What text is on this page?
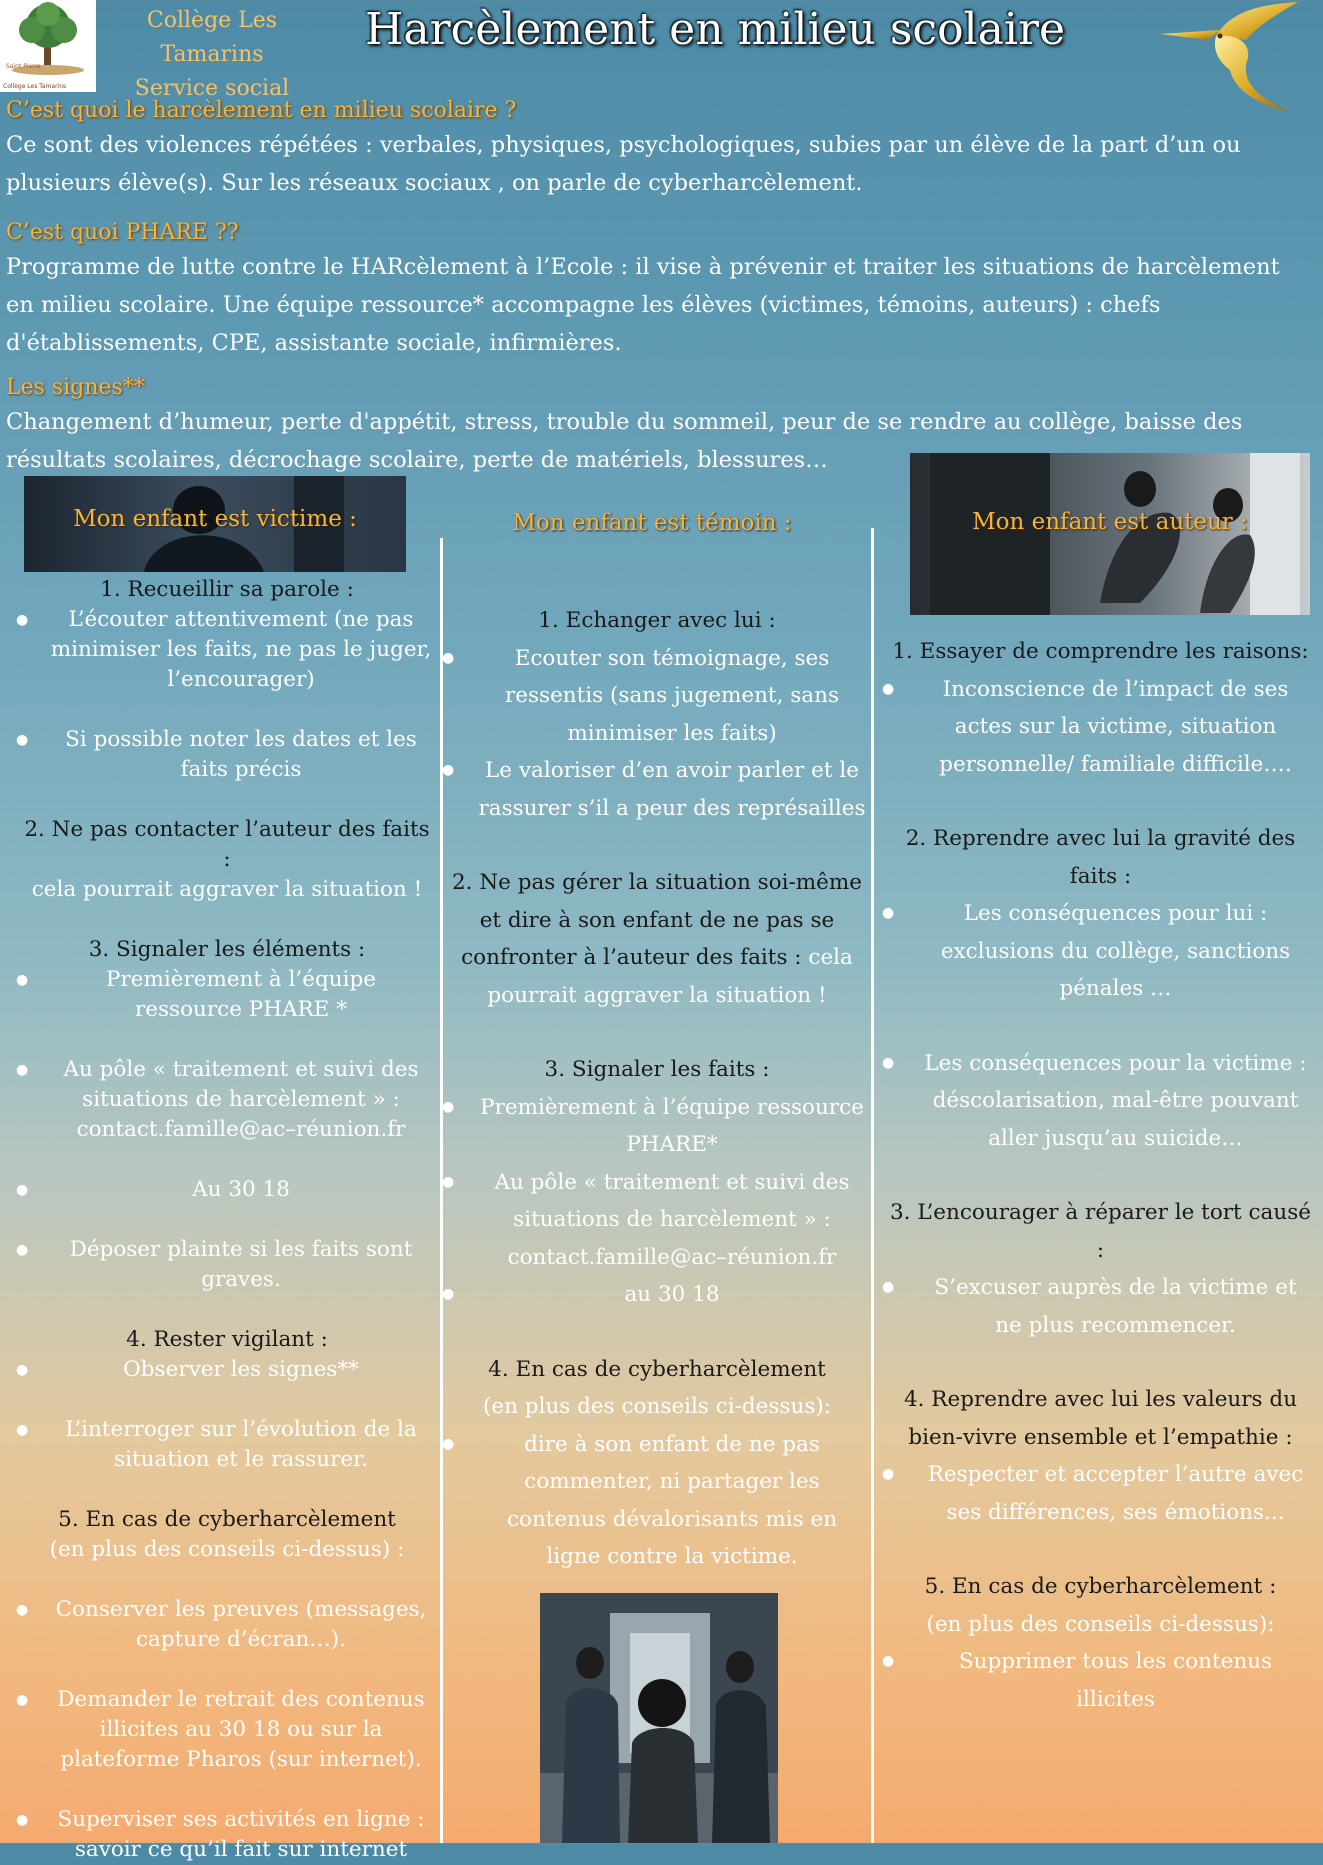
Saint Pierre
Collège Les Tamarins
Collège Les Tamarins
Service social
Harcèlement en milieu scolaire
C’est quoi le harcèlement en milieu scolaire ?

Ce sont des violences répétées : verbales, physiques, psychologiques, subies par un élève de la part d’un ou plusieurs élève(s). Sur les réseaux sociaux , on parle de cyberharcèlement.

C’est quoi PHARE ??

Programme de lutte contre le HARcèlement à l’Ecole : il vise à prévenir et traiter les situations de harcèlement en milieu scolaire. Une équipe ressource* accompagne les élèves (victimes, témoins, auteurs) : chefs d'établissements, CPE, assistante sociale, infirmières.

Les signes**

Changement d’humeur, perte d'appétit, stress, trouble du sommeil, peur de se rendre au collège, baisse des résultats scolaires, décrochage scolaire, perte de matériels, blessures…

Mon enfant est victime :	Mon enfant est témoin :	Mon enfant est auteur :
1. Recueillir sa parole :
● L’écouter attentivement (ne pas minimiser les faits, ne pas le juger, l’encourager)
● Si possible noter les dates et les faits précis
2. Ne pas contacter l’auteur des faits :
cela pourrait aggraver la situation !
3. Signaler les éléments :
● Premièrement à l’équipe ressource PHARE *
● Au pôle « traitement et suivi des situations de harcèlement » : contact.famille@ac–réunion.fr
● Au 30 18
● Déposer plainte si les faits sont graves.
4. Rester vigilant :
● Observer les signes**
● L’interroger sur l’évolution de la situation et le rassurer.
5. En cas de cyberharcèlement
(en plus des conseils ci-dessus) :
● Conserver les preuves (messages, capture d’écran…).
● Demander le retrait des contenus illicites au 30 18 ou sur la plateforme Pharos (sur internet).
● Superviser ses activités en ligne : savoir ce qu’il fait sur internet
1. Echanger avec lui :
● Ecouter son témoignage, ses ressentis (sans jugement, sans minimiser les faits)
● Le valoriser d’en avoir parler et le rassurer s’il a peur des représailles
2. Ne pas gérer la situation soi-même et dire à son enfant de ne pas se confronter à l’auteur des faits : cela pourrait aggraver la situation !
3. Signaler les faits :
● Premièrement à l’équipe ressource PHARE*
● Au pôle « traitement et suivi des situations de harcèlement » : contact.famille@ac–réunion.fr
● au 30 18
4. En cas de cyberharcèlement
(en plus des conseils ci-dessus):
● dire à son enfant de ne pas commenter, ni partager les contenus dévalorisants mis en ligne contre la victime.
1. Essayer de comprendre les raisons:
● Inconscience de l’impact de ses actes sur la victime, situation personnelle/ familiale difficile….
2. Reprendre avec lui la gravité des faits :
● Les conséquences pour lui : exclusions du collège, sanctions pénales …
● Les conséquences pour la victime : déscolarisation, mal-être pouvant aller jusqu’au suicide…
3. L’encourager à réparer le tort causé :
● S’excuser auprès de la victime et ne plus recommencer.
4. Reprendre avec lui les valeurs du bien-vivre ensemble et l’empathie :
● Respecter et accepter l’autre avec ses différences, ses émotions...
5. En cas de cyberharcèlement :
(en plus des conseils ci-dessus):
● Supprimer tous les contenus illicites
